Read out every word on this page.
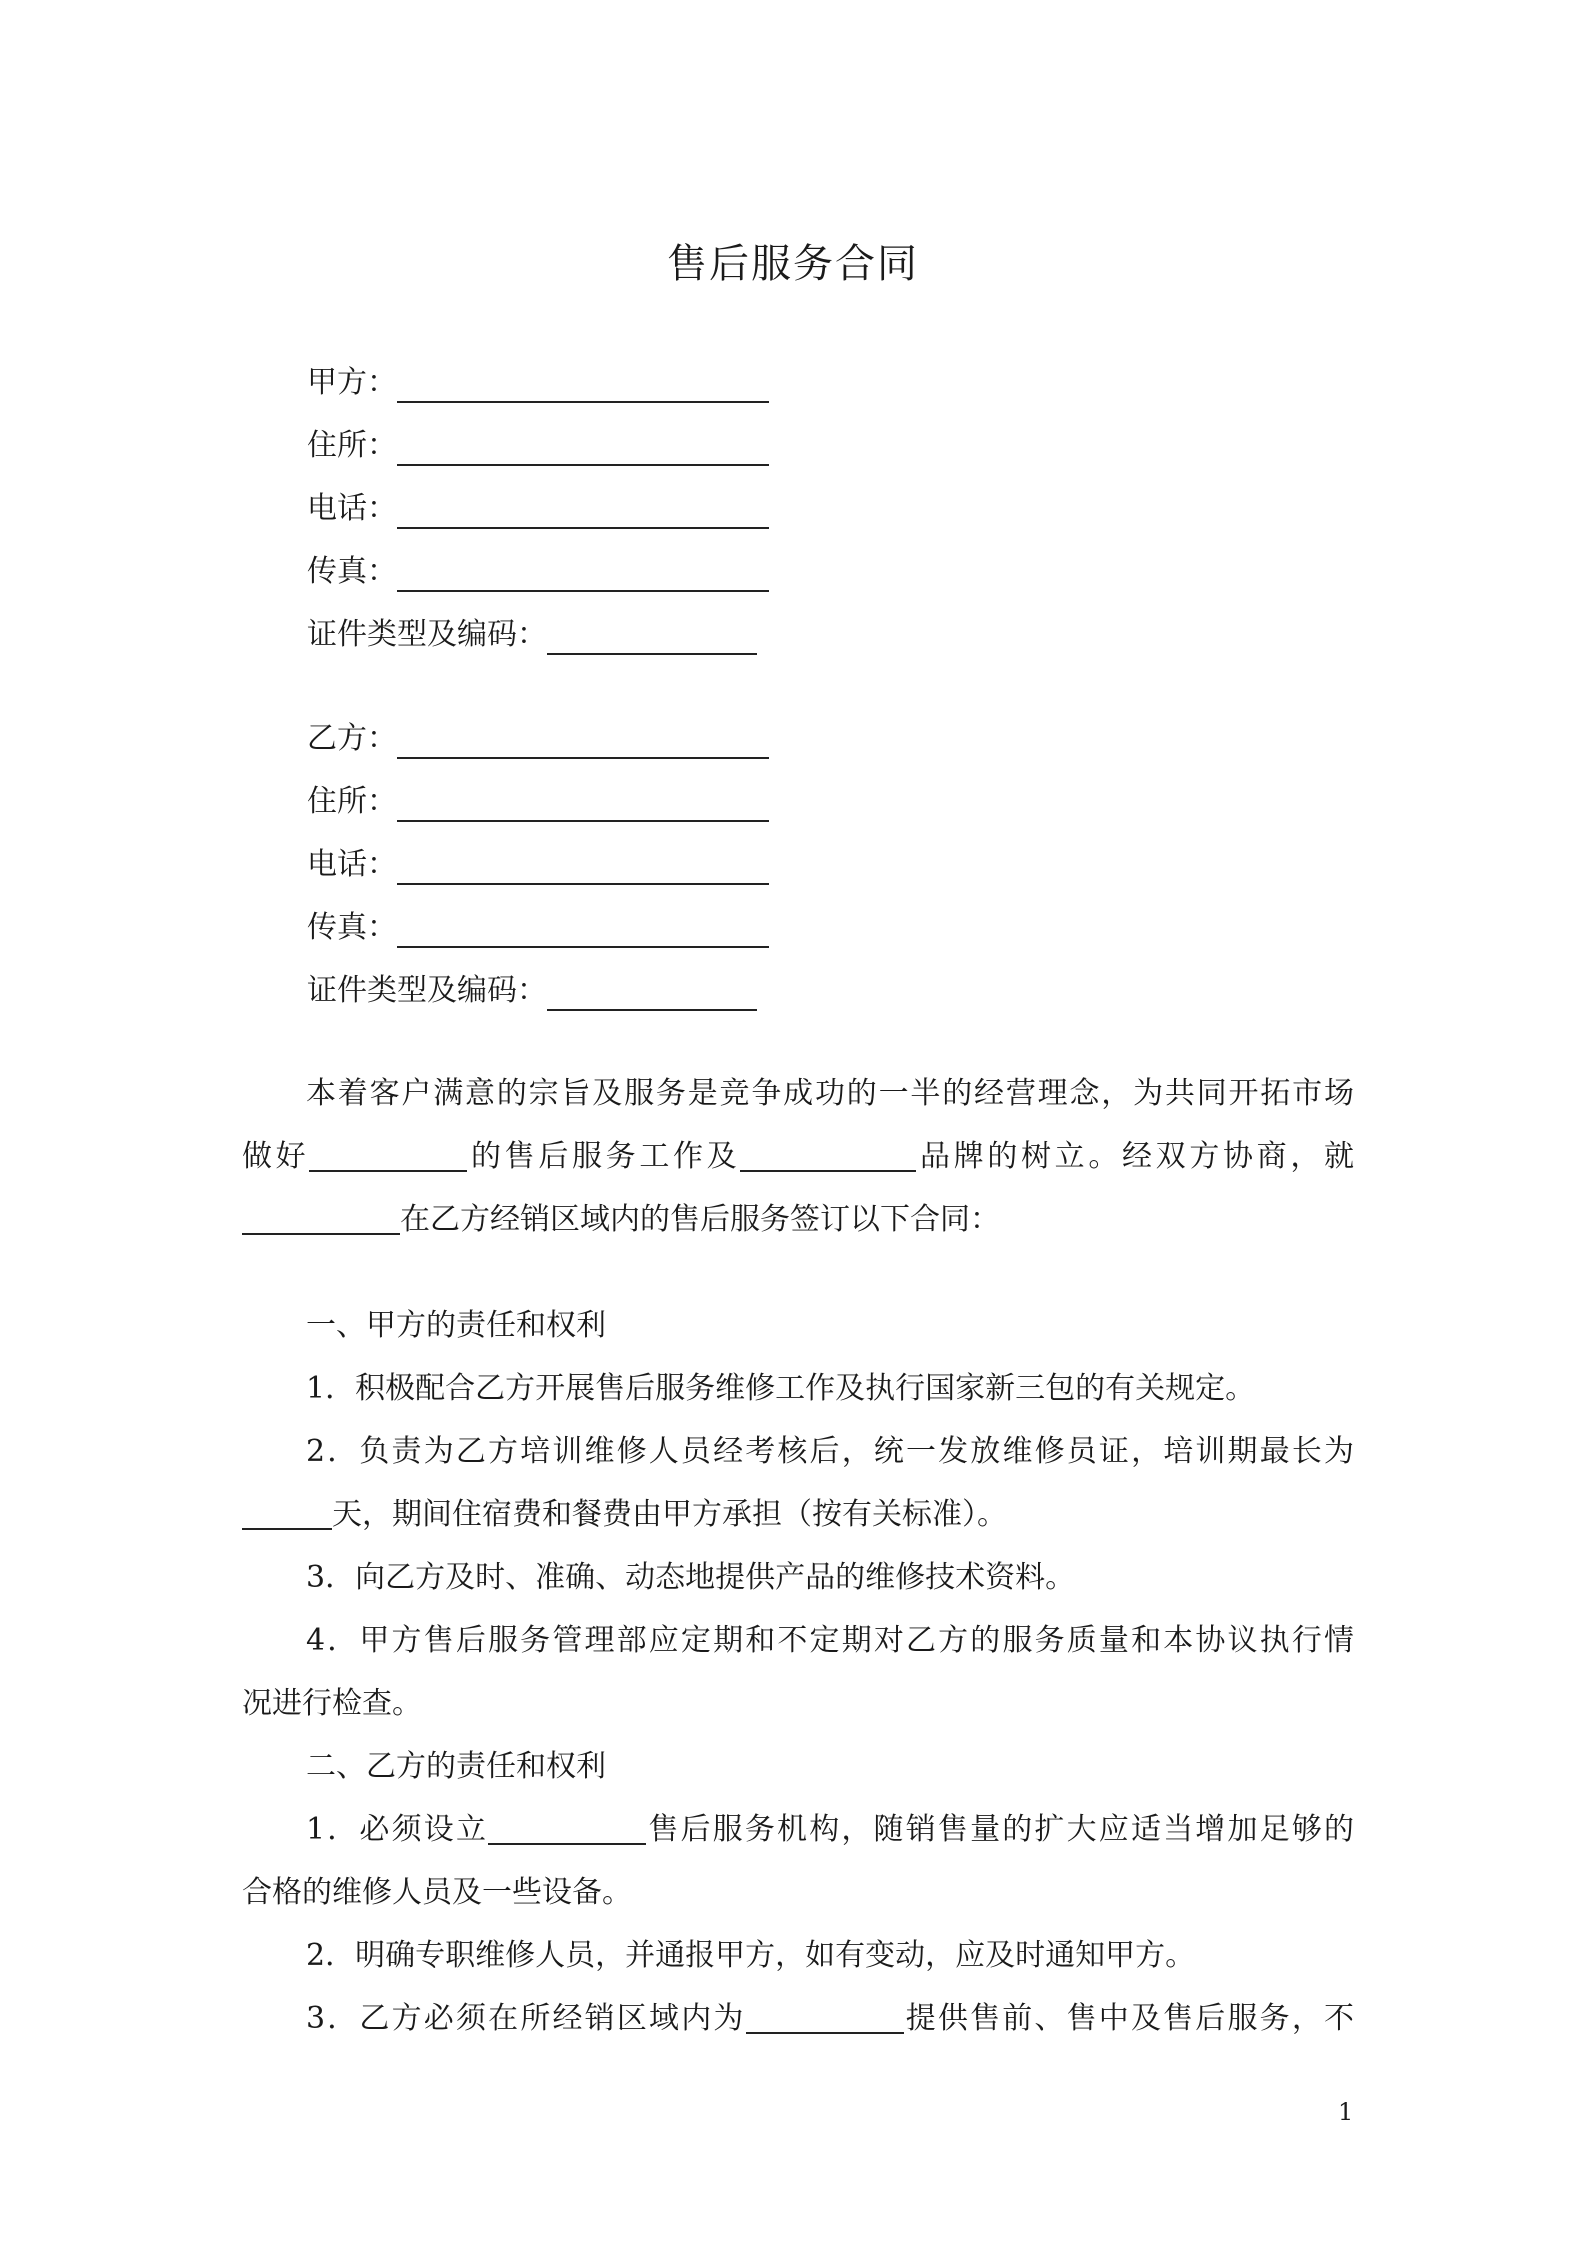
售后服务合同
甲方：
住所：
电话：
传真：
证件类型及编码：
乙方：
住所：
电话：
传真：
证件类型及编码：
本着客户满意的宗旨及服务是竞争成功的一半的经营理念，为共同开拓市场
做好	的售后服务工作及	品牌的树立。经双方协商，就
在乙方经销区域内的售后服务签订以下合同：
一、甲方的责任和权利
1．积极配合乙方开展售后服务维修工作及执行国家新三包的有关规定。
2．负责为乙方培训维修人员经考核后，统一发放维修员证，培训期最长为
天，期间住宿费和餐费由甲方承担（按有关标准）。
3．向乙方及时、准确、动态地提供产品的维修技术资料。
4．甲方售后服务管理部应定期和不定期对乙方的服务质量和本协议执行情
况进行检查。
二、乙方的责任和权利
1．必须设立	售后服务机构，随销售量的扩大应适当增加足够的
合格的维修人员及一些设备。
2．明确专职维修人员，并通报甲方，如有变动，应及时通知甲方。
3．乙方必须在所经销区域内为	提供售前、售中及售后服务，不
1
